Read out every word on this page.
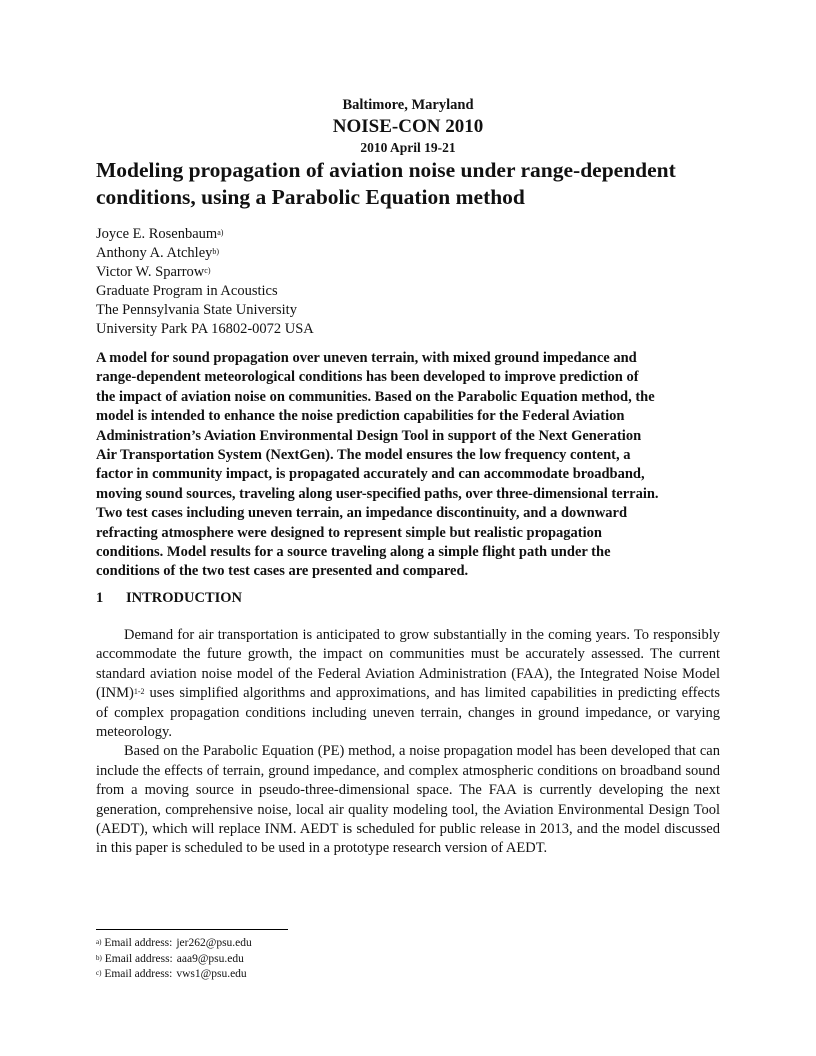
Baltimore, Maryland
NOISE-CON 2010
2010 April 19-21
Modeling propagation of aviation noise under range-dependent
conditions, using a Parabolic Equation method
Joyce E. Rosenbaum$^{a)}$
Anthony A. Atchley$^{b)}$
Victor W. Sparrow$^{c)}$
Graduate Program in Acoustics
The Pennsylvania State University
University Park PA 16802-0072 USA
A model for sound propagation over uneven terrain, with mixed ground impedance and
range-dependent meteorological conditions has been developed to improve prediction of
the impact of aviation noise on communities. Based on the Parabolic Equation method, the
model is intended to enhance the noise prediction capabilities for the Federal Aviation
Administration’s Aviation Environmental Design Tool in support of the Next Generation
Air Transportation System (NextGen). The model ensures the low frequency content, a
factor in community impact, is propagated accurately and can accommodate broadband,
moving sound sources, traveling along user-specified paths, over three-dimensional terrain.
Two test cases including uneven terrain, an impedance discontinuity, and a downward
refracting atmosphere were designed to represent simple but realistic propagation
conditions. Model results for a source traveling along a simple flight path under the
conditions of the two test cases are presented and compared.
1 INTRODUCTION

Demand for air transportation is anticipated to grow substantially in the coming years. To responsibly accommodate the future growth, the impact on communities must be accurately assessed. The current standard aviation noise model of the Federal Aviation Administration (FAA), the Integrated Noise Model (INM)$^{1-2}$ uses simplified algorithms and approximations, and has limited capabilities in predicting effects of complex propagation conditions including uneven terrain, changes in ground impedance, or varying meteorology.

Based on the Parabolic Equation (PE) method, a noise propagation model has been developed that can include the effects of terrain, ground impedance, and complex atmospheric conditions on broadband sound from a moving source in pseudo-three-dimensional space. The FAA is currently developing the next generation, comprehensive noise, local air quality modeling tool, the Aviation Environmental Design Tool (AEDT), which will replace INM. AEDT is scheduled for public release in 2013, and the model discussed in this paper is scheduled to be used in a prototype research version of AEDT.

$^{a)}$ Email address: jer262@psu.edu
$^{b)}$ Email address: aaa9@psu.edu
$^{c)}$ Email address: vws1@psu.edu
